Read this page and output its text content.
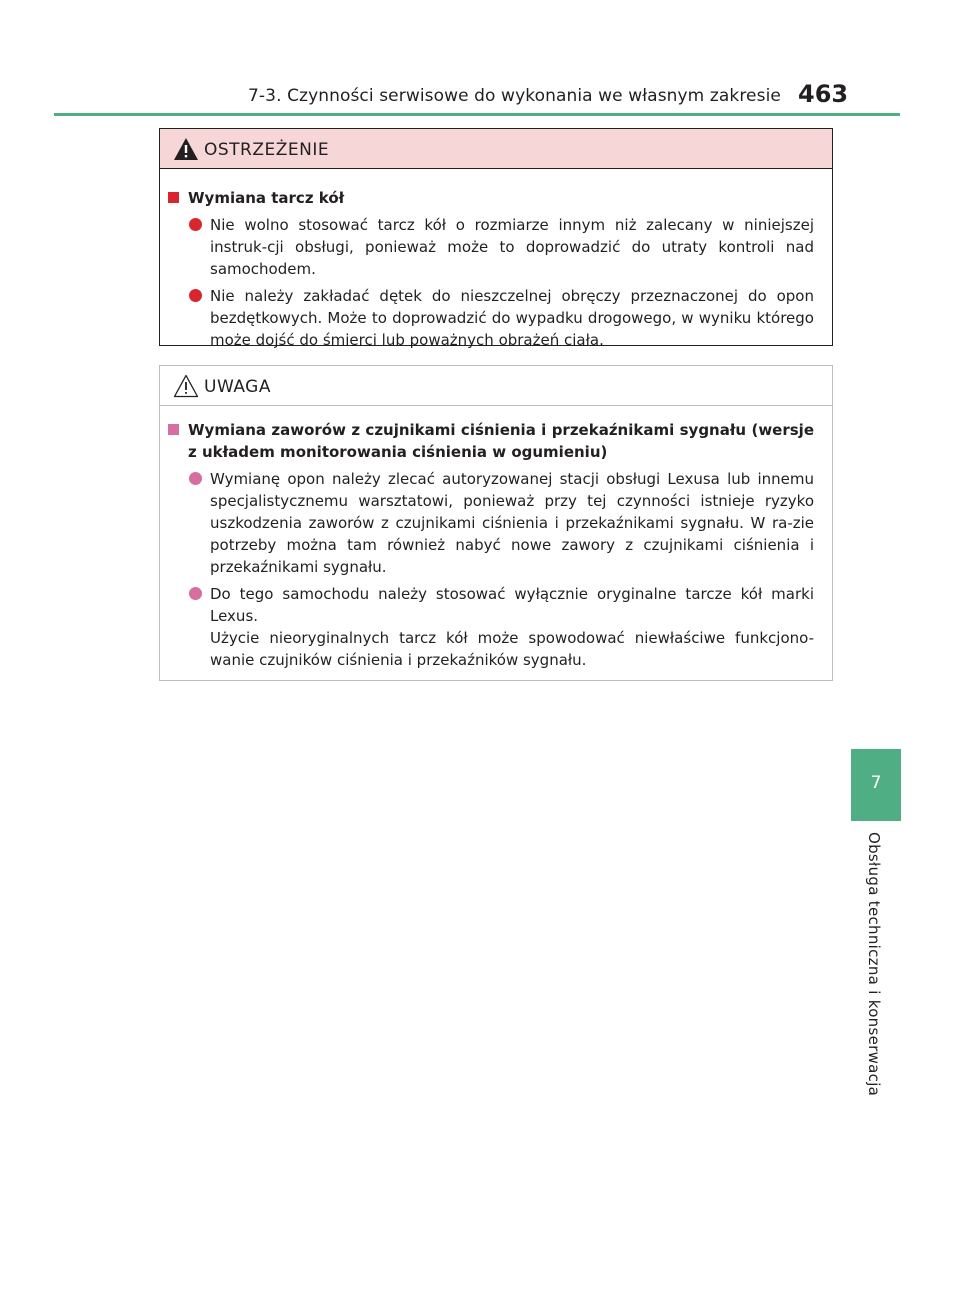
7-3. Czynności serwisowe do wykonania we własnym zakresie 463
OSTRZEŻENIE
Wymiana tarcz kół

Nie wolno stosować tarcz kół o rozmiarze innym niż zalecany w niniejszej instruk-cji obsługi, ponieważ może to doprowadzić do utraty kontroli nad samochodem.

Nie należy zakładać dętek do nieszczelnej obręczy przeznaczonej do opon bezdętkowych. Może to doprowadzić do wypadku drogowego, w wyniku którego może dojść do śmierci lub poważnych obrażeń ciała.

UWAGA
Wymiana zaworów z czujnikami ciśnienia i przekaźnikami sygnału (wersje z układem monitorowania ciśnienia w ogumieniu)

Wymianę opon należy zlecać autoryzowanej stacji obsługi Lexusa lub innemu specjalistycznemu warsztatowi, ponieważ przy tej czynności istnieje ryzyko uszkodzenia zaworów z czujnikami ciśnienia i przekaźnikami sygnału. W ra-zie potrzeby można tam również nabyć nowe zawory z czujnikami ciśnienia i przekaźnikami sygnału.

Do tego samochodu należy stosować wyłącznie oryginalne tarcze kół marki Lexus.

Użycie nieoryginalnych tarcz kół może spowodować niewłaściwe funkcjono-wanie czujników ciśnienia i przekaźników sygnału.

7
Obsługa techniczna i konserwacja
